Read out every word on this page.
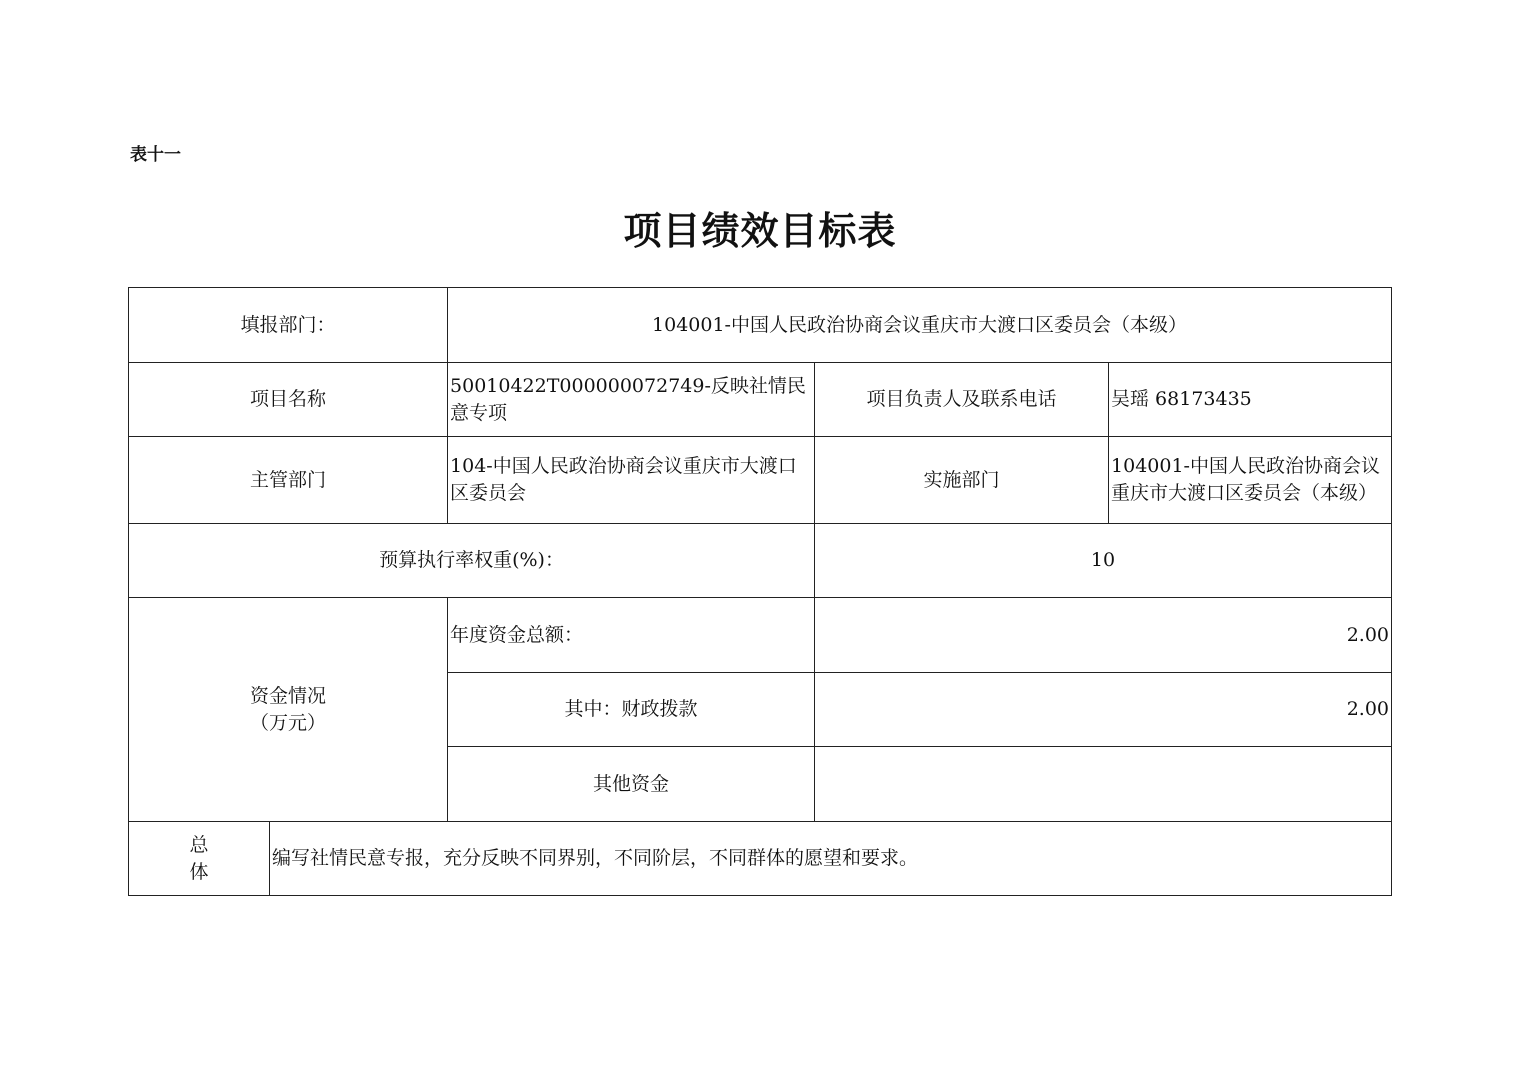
表十一
项目绩效目标表
填报部门：		104001-中国人民政治协商会议重庆市大渡口区委员会（本级）		
项目名称		50010422T000000072749-反映社情民意专项	项目负责人及联系电话	吴瑶 68173435
主管部门		104-中国人民政治协商会议重庆市大渡口区委员会	实施部门	104001-中国人民政治协商会议重庆市大渡口区委员会（本级）
预算执行率权重(%)：			10	

资金情况
（万元）		年度资金总额：	2.00	
		其中：财政拨款	2.00	
		其他资金		

总
体	编写社情民意专报，充分反映不同界别，不同阶层，不同群体的愿望和要求。			
